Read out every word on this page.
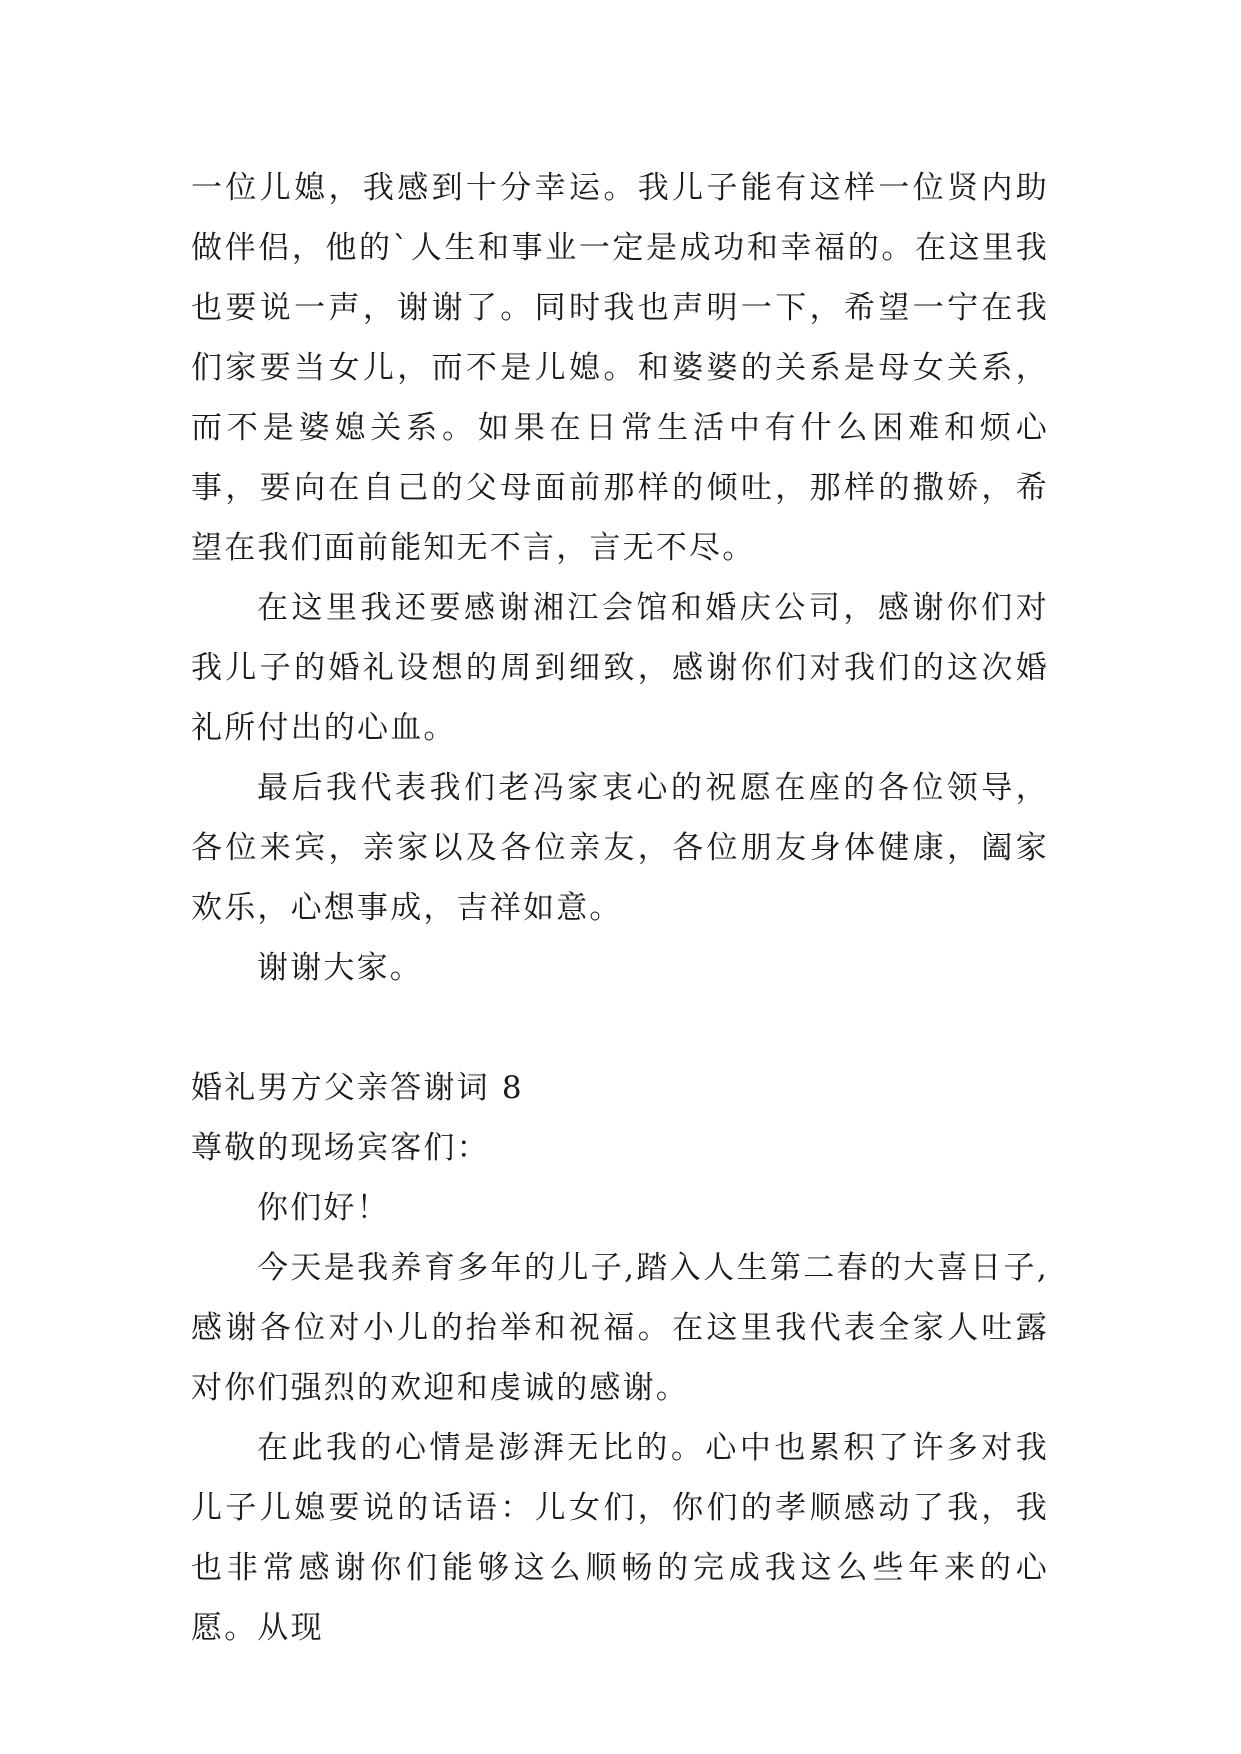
一位儿媳，我感到十分幸运。我儿子能有这样一位贤内助做伴侣，他的`人生和事业一定是成功和幸福的。在这里我也要说一声，谢谢了。同时我也声明一下，希望一宁在我们家要当女儿，而不是儿媳。和婆婆的关系是母女关系，而不是婆媳关系。如果在日常生活中有什么困难和烦心事，要向在自己的父母面前那样的倾吐，那样的撒娇，希望在我们面前能知无不言，言无不尽。

在这里我还要感谢湘江会馆和婚庆公司，感谢你们对我儿子的婚礼设想的周到细致，感谢你们对我们的这次婚礼所付出的心血。

最后我代表我们老冯家衷心的祝愿在座的各位领导，各位来宾，亲家以及各位亲友，各位朋友身体健康，阖家欢乐，心想事成，吉祥如意。

谢谢大家。

婚礼男方父亲答谢词 8

尊敬的现场宾客们：

你们好！

今天是我养育多年的儿子,踏入人生第二春的大喜日子,感谢各位对小儿的抬举和祝福。在这里我代表全家人吐露对你们强烈的欢迎和虔诚的感谢。

在此我的心情是澎湃无比的。心中也累积了许多对我儿子儿媳要说的话语：儿女们，你们的孝顺感动了我，我也非常感谢你们能够这么顺畅的完成我这么些年来的心愿。从现
